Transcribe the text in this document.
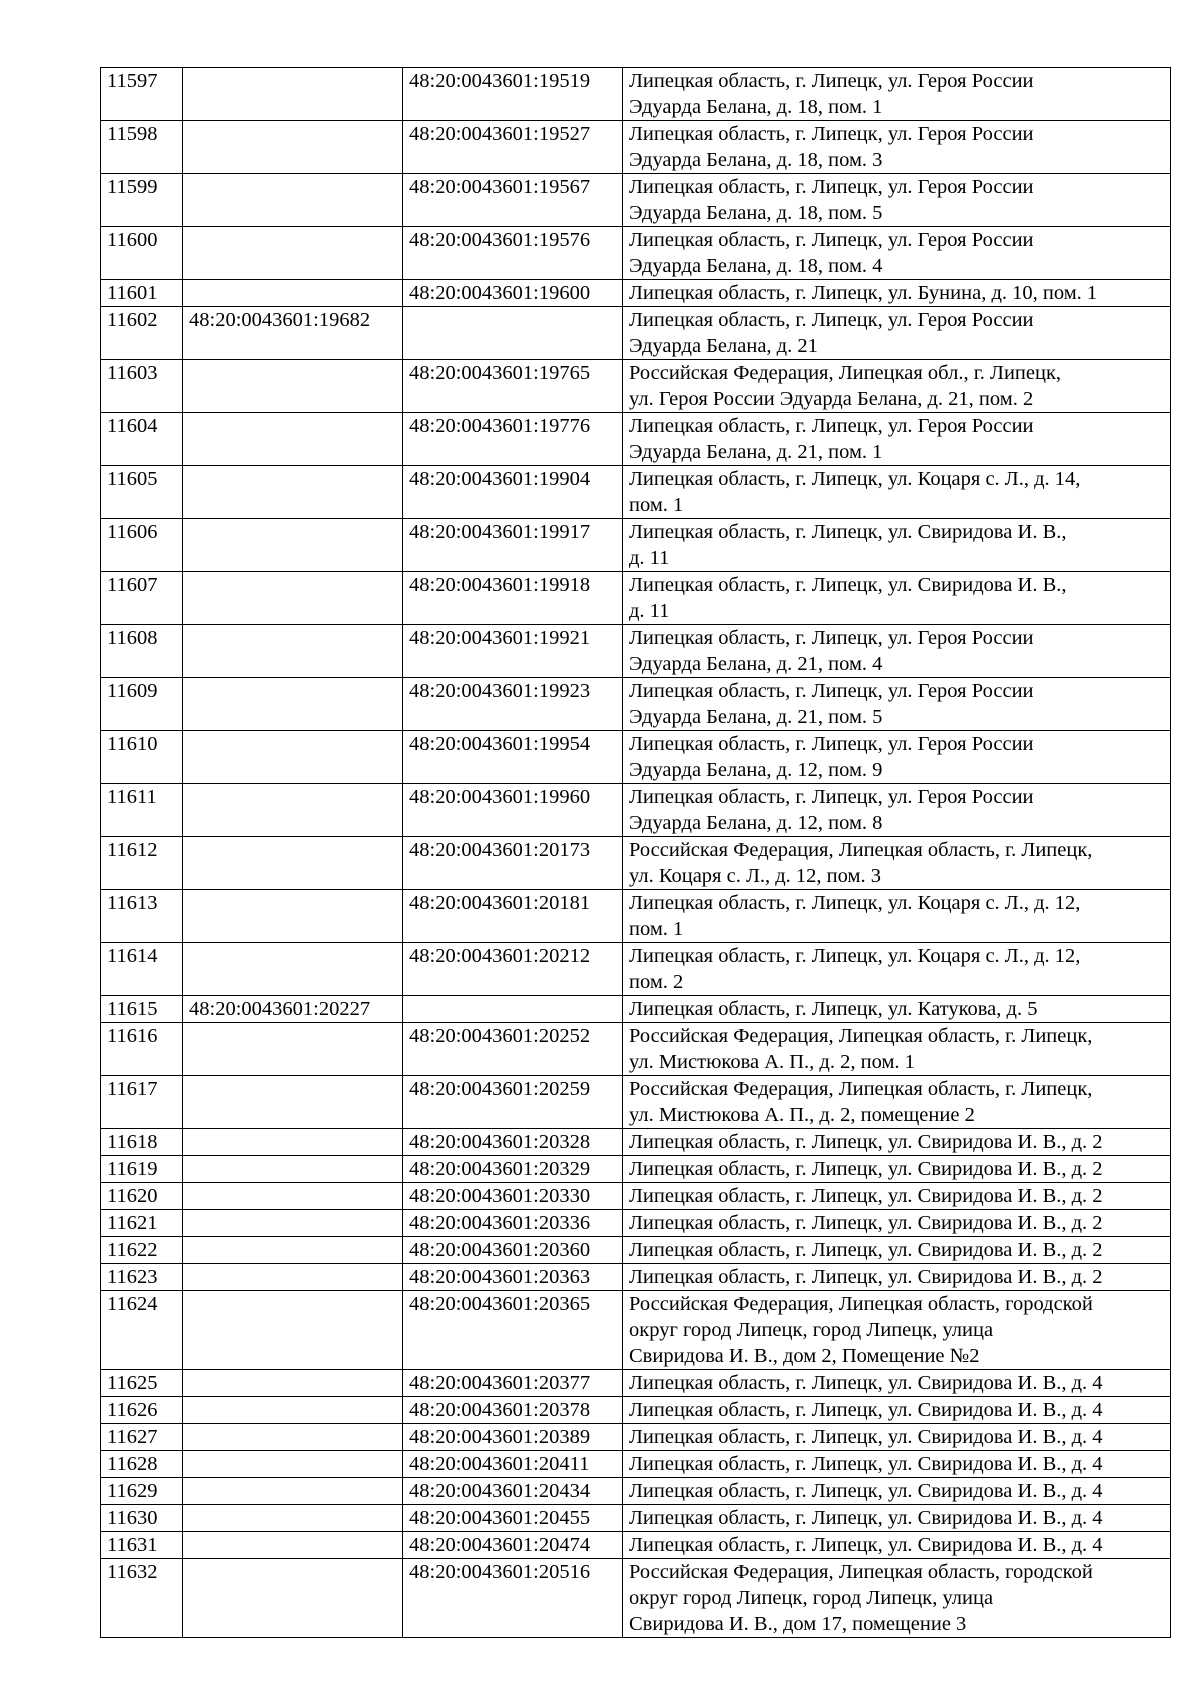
11597		48:20:0043601:19519	Липецкая область, г. Липецк, ул. Героя России
Эдуарда Белана, д. 18, пом. 1
11598		48:20:0043601:19527	Липецкая область, г. Липецк, ул. Героя России
Эдуарда Белана, д. 18, пом. 3
11599		48:20:0043601:19567	Липецкая область, г. Липецк, ул. Героя России
Эдуарда Белана, д. 18, пом. 5
11600		48:20:0043601:19576	Липецкая область, г. Липецк, ул. Героя России
Эдуарда Белана, д. 18, пом. 4
11601		48:20:0043601:19600	Липецкая область, г. Липецк, ул. Бунина, д. 10, пом. 1
11602	48:20:0043601:19682		Липецкая область, г. Липецк, ул. Героя России
Эдуарда Белана, д. 21
11603		48:20:0043601:19765	Российская Федерация, Липецкая обл., г. Липецк,
ул. Героя России Эдуарда Белана, д. 21, пом. 2
11604		48:20:0043601:19776	Липецкая область, г. Липецк, ул. Героя России
Эдуарда Белана, д. 21, пом. 1
11605		48:20:0043601:19904	Липецкая область, г. Липецк, ул. Коцаря с. Л., д. 14,
пом. 1
11606		48:20:0043601:19917	Липецкая область, г. Липецк, ул. Свиридова И. В.,
д. 11
11607		48:20:0043601:19918	Липецкая область, г. Липецк, ул. Свиридова И. В.,
д. 11
11608		48:20:0043601:19921	Липецкая область, г. Липецк, ул. Героя России
Эдуарда Белана, д. 21, пом. 4
11609		48:20:0043601:19923	Липецкая область, г. Липецк, ул. Героя России
Эдуарда Белана, д. 21, пом. 5
11610		48:20:0043601:19954	Липецкая область, г. Липецк, ул. Героя России
Эдуарда Белана, д. 12, пом. 9
11611		48:20:0043601:19960	Липецкая область, г. Липецк, ул. Героя России
Эдуарда Белана, д. 12, пом. 8
11612		48:20:0043601:20173	Российская Федерация, Липецкая область, г. Липецк,
ул. Коцаря с. Л., д. 12, пом. 3
11613		48:20:0043601:20181	Липецкая область, г. Липецк, ул. Коцаря с. Л., д. 12,
пом. 1
11614		48:20:0043601:20212	Липецкая область, г. Липецк, ул. Коцаря с. Л., д. 12,
пом. 2
11615	48:20:0043601:20227		Липецкая область, г. Липецк, ул. Катукова, д. 5
11616		48:20:0043601:20252	Российская Федерация, Липецкая область, г. Липецк,
ул. Мистюкова А. П., д. 2, пом. 1
11617		48:20:0043601:20259	Российская Федерация, Липецкая область, г. Липецк,
ул. Мистюкова А. П., д. 2, помещение 2
11618		48:20:0043601:20328	Липецкая область, г. Липецк, ул. Свиридова И. В., д. 2
11619		48:20:0043601:20329	Липецкая область, г. Липецк, ул. Свиридова И. В., д. 2
11620		48:20:0043601:20330	Липецкая область, г. Липецк, ул. Свиридова И. В., д. 2
11621		48:20:0043601:20336	Липецкая область, г. Липецк, ул. Свиридова И. В., д. 2
11622		48:20:0043601:20360	Липецкая область, г. Липецк, ул. Свиридова И. В., д. 2
11623		48:20:0043601:20363	Липецкая область, г. Липецк, ул. Свиридова И. В., д. 2
11624		48:20:0043601:20365	Российская Федерация, Липецкая область, городской
округ город Липецк, город Липецк, улица
Свиридова И. В., дом 2, Помещение №2
11625		48:20:0043601:20377	Липецкая область, г. Липецк, ул. Свиридова И. В., д. 4
11626		48:20:0043601:20378	Липецкая область, г. Липецк, ул. Свиридова И. В., д. 4
11627		48:20:0043601:20389	Липецкая область, г. Липецк, ул. Свиридова И. В., д. 4
11628		48:20:0043601:20411	Липецкая область, г. Липецк, ул. Свиридова И. В., д. 4
11629		48:20:0043601:20434	Липецкая область, г. Липецк, ул. Свиридова И. В., д. 4
11630		48:20:0043601:20455	Липецкая область, г. Липецк, ул. Свиридова И. В., д. 4
11631		48:20:0043601:20474	Липецкая область, г. Липецк, ул. Свиридова И. В., д. 4
11632		48:20:0043601:20516	Российская Федерация, Липецкая область, городской
округ город Липецк, город Липецк, улица
Свиридова И. В., дом 17, помещение 3
